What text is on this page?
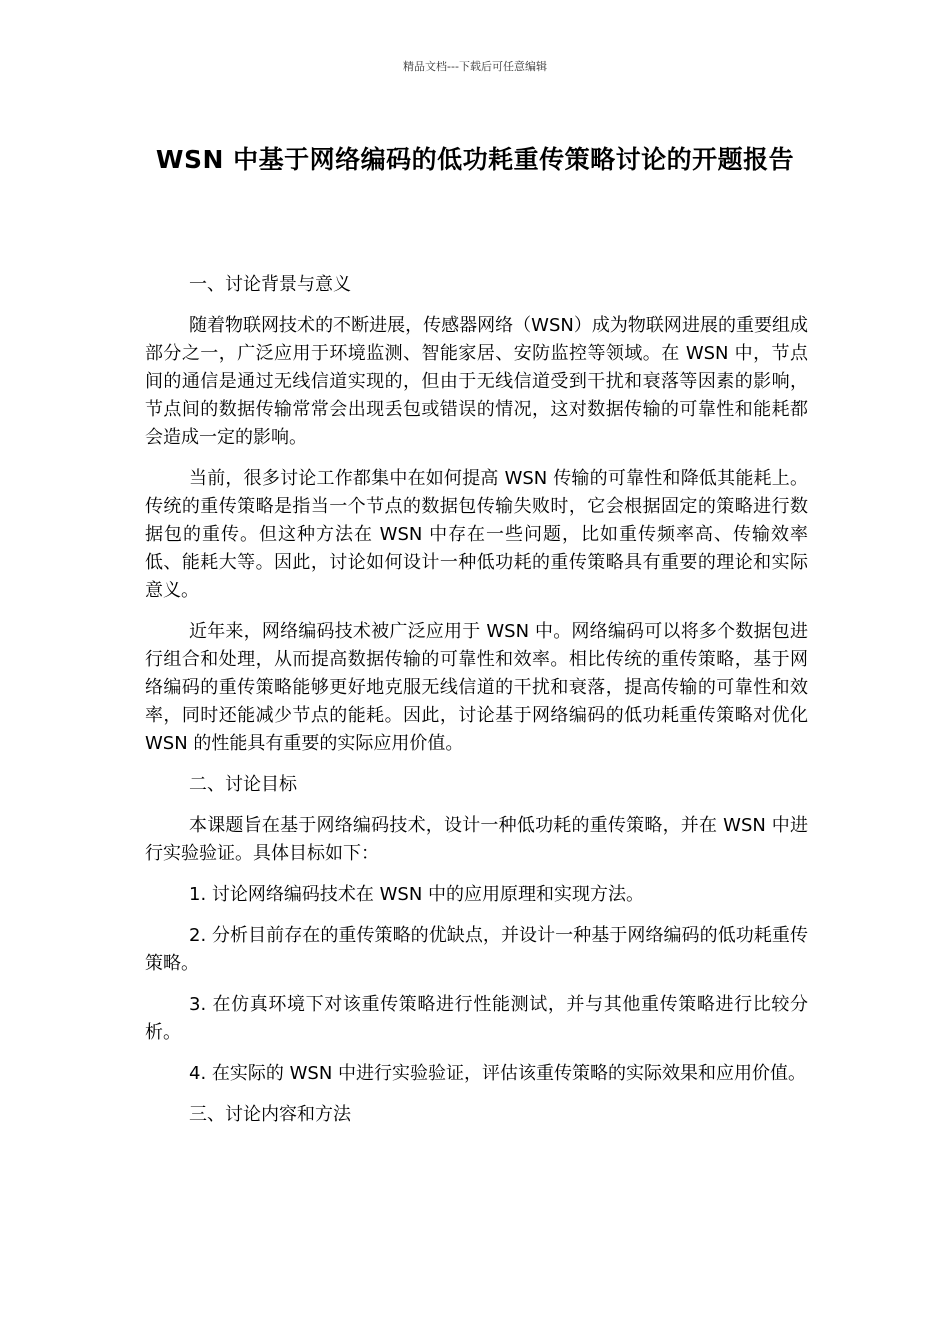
精品文档---下载后可任意编辑
WSN 中基于网络编码的低功耗重传策略讨论的开题报告

一、讨论背景与意义

随着物联网技术的不断进展，传感器网络（WSN）成为物联网进展的重要组成部分之一，广泛应用于环境监测、智能家居、安防监控等领域。在 WSN 中，节点间的通信是通过无线信道实现的，但由于无线信道受到干扰和衰落等因素的影响，节点间的数据传输常常会出现丢包或错误的情况，这对数据传输的可靠性和能耗都会造成一定的影响。

当前，很多讨论工作都集中在如何提高 WSN 传输的可靠性和降低其能耗上。传统的重传策略是指当一个节点的数据包传输失败时，它会根据固定的策略进行数据包的重传。但这种方法在 WSN 中存在一些问题，比如重传频率高、传输效率低、能耗大等。因此，讨论如何设计一种低功耗的重传策略具有重要的理论和实际意义。

近年来，网络编码技术被广泛应用于 WSN 中。网络编码可以将多个数据包进行组合和处理，从而提高数据传输的可靠性和效率。相比传统的重传策略，基于网络编码的重传策略能够更好地克服无线信道的干扰和衰落，提高传输的可靠性和效率，同时还能减少节点的能耗。因此，讨论基于网络编码的低功耗重传策略对优化 WSN 的性能具有重要的实际应用价值。

二、讨论目标

本课题旨在基于网络编码技术，设计一种低功耗的重传策略，并在 WSN 中进行实验验证。具体目标如下：

1. 讨论网络编码技术在 WSN 中的应用原理和实现方法。

2. 分析目前存在的重传策略的优缺点，并设计一种基于网络编码的低功耗重传策略。

3. 在仿真环境下对该重传策略进行性能测试，并与其他重传策略进行比较分析。

4. 在实际的 WSN 中进行实验验证，评估该重传策略的实际效果和应用价值。

三、讨论内容和方法
